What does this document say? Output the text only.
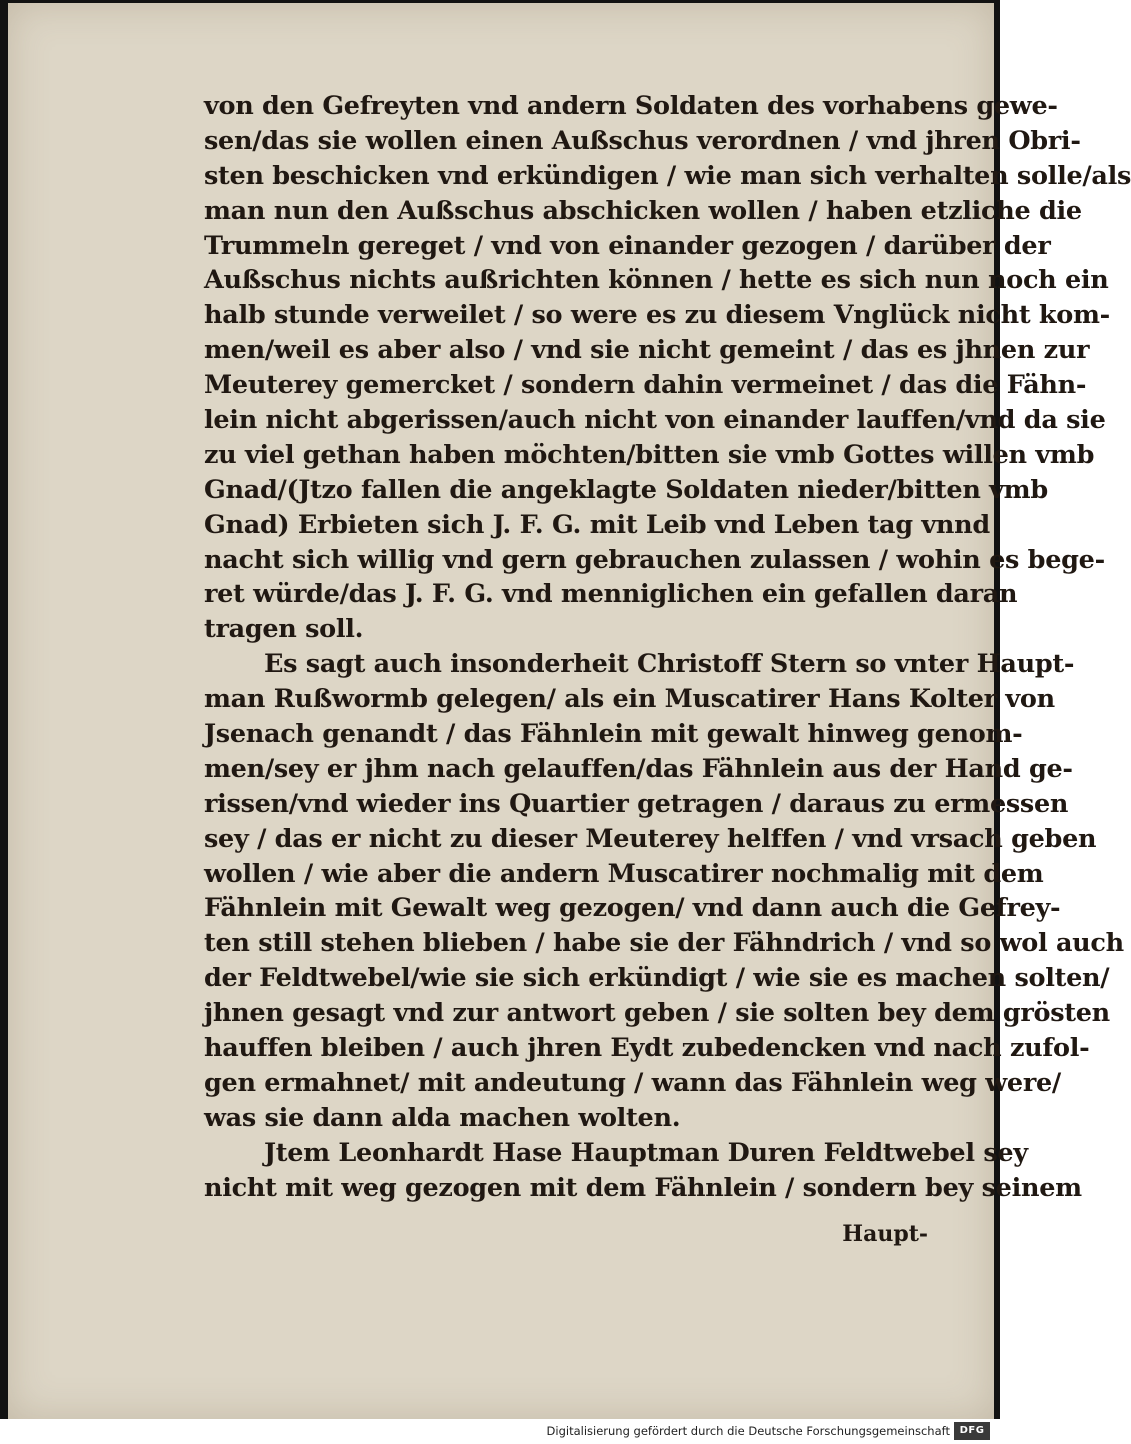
von den Gefreyten vnd andern Soldaten des vorhabens gewe-
sen/das sie wollen einen Außschus verordnen / vnd jhren Obri-
sten beschicken vnd erkündigen / wie man sich verhalten solle/als
man nun den Außschus abschicken wollen / haben etzliche die
Trummeln gereget / vnd von einander gezogen / darüber der
Außschus nichts außrichten können / hette es sich nun noch ein
halb stunde verweilet / so were es zu diesem Vnglück nicht kom-
men/weil es aber also / vnd sie nicht gemeint / das es jhnen zur
Meuterey gemercket / sondern dahin vermeinet / das die Fähn-
lein nicht abgerissen/auch nicht von einander lauffen/vnd da sie
zu viel gethan haben möchten/bitten sie vmb Gottes willen vmb
Gnad/(Jtzo fallen die angeklagte Soldaten nieder/bitten vmb
Gnad) Erbieten sich J. F. G. mit Leib vnd Leben tag vnnd
nacht sich willig vnd gern gebrauchen zulassen / wohin es bege-
ret würde/das J. F. G. vnd menniglichen ein gefallen daran
tragen soll.
Es sagt auch insonderheit Christoff Stern so vnter Haupt-
man Rußwormb gelegen/ als ein Muscatirer Hans Kolter von
Jsenach genandt / das Fähnlein mit gewalt hinweg genom-
men/sey er jhm nach gelauffen/das Fähnlein aus der Hand ge-
rissen/vnd wieder ins Quartier getragen / daraus zu ermessen
sey / das er nicht zu dieser Meuterey helffen / vnd vrsach geben
wollen / wie aber die andern Muscatirer nochmalig mit dem
Fähnlein mit Gewalt weg gezogen/ vnd dann auch die Gefrey-
ten still stehen blieben / habe sie der Fähndrich / vnd so wol auch
der Feldtwebel/wie sie sich erkündigt / wie sie es machen solten/
jhnen gesagt vnd zur antwort geben / sie solten bey dem grösten
hauffen bleiben / auch jhren Eydt zubedencken vnd nach zufol-
gen ermahnet/ mit andeutung / wann das Fähnlein weg were/
was sie dann alda machen wolten.
Jtem Leonhardt Hase Hauptman Duren Feldtwebel sey
nicht mit weg gezogen mit dem Fähnlein / sondern bey seinem
Haupt-
Digitalisierung gefördert durch die Deutsche Forschungsgemeinschaft DFG
